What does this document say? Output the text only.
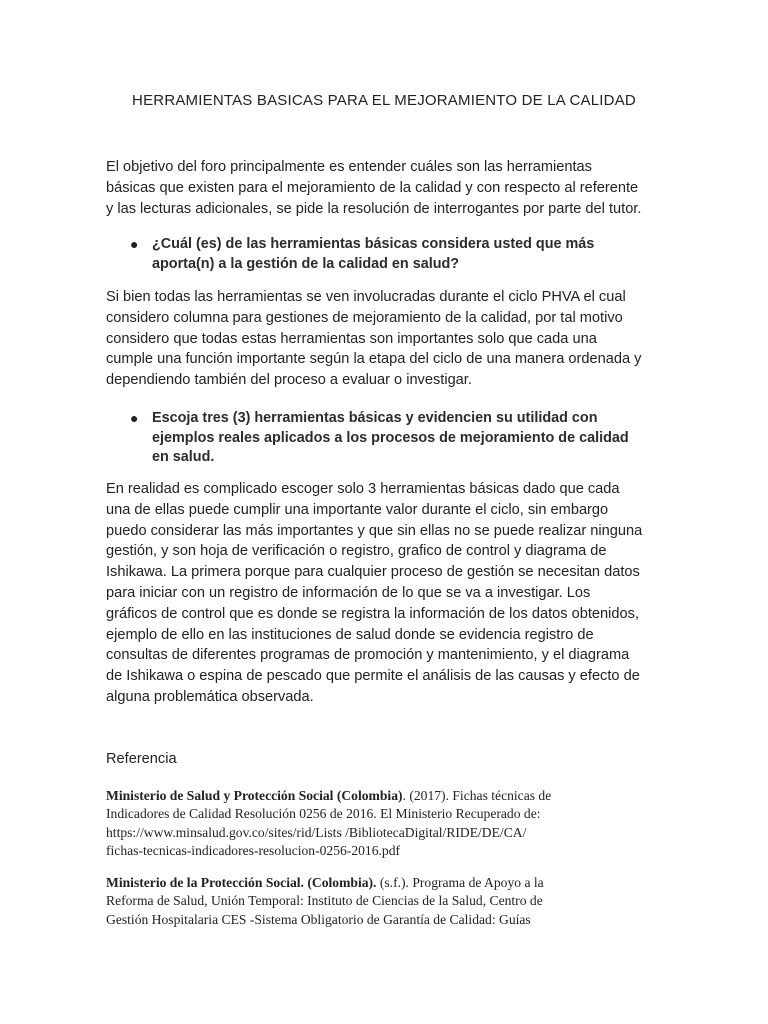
HERRAMIENTAS BASICAS PARA EL MEJORAMIENTO DE LA CALIDAD
El objetivo del foro principalmente es entender cuáles son las herramientas
básicas que existen para el mejoramiento de la calidad y con respecto al referente
y las lecturas adicionales, se pide la resolución de interrogantes por parte del tutor.
● ¿Cuál (es) de las herramientas básicas considera usted que más
aporta(n) a la gestión de la calidad en salud?
Si bien todas las herramientas se ven involucradas durante el ciclo PHVA el cual
considero columna para gestiones de mejoramiento de la calidad, por tal motivo
considero que todas estas herramientas son importantes solo que cada una
cumple una función importante según la etapa del ciclo de una manera ordenada y
dependiendo también del proceso a evaluar o investigar.
● Escoja tres (3) herramientas básicas y evidencien su utilidad con
ejemplos reales aplicados a los procesos de mejoramiento de calidad
en salud.
En realidad es complicado escoger solo 3 herramientas básicas dado que cada
una de ellas puede cumplir una importante valor durante el ciclo, sin embargo
puedo considerar las más importantes y que sin ellas no se puede realizar ninguna
gestión, y son hoja de verificación o registro, grafico de control y diagrama de
Ishikawa. La primera porque para cualquier proceso de gestión se necesitan datos
para iniciar con un registro de información de lo que se va a investigar. Los
gráficos de control que es donde se registra la información de los datos obtenidos,
ejemplo de ello en las instituciones de salud donde se evidencia registro de
consultas de diferentes programas de promoción y mantenimiento, y el diagrama
de Ishikawa o espina de pescado que permite el análisis de las causas y efecto de
alguna problemática observada.
Referencia
Ministerio de Salud y Protección Social (Colombia). (2017). Fichas técnicas de
Indicadores de Calidad Resolución 0256 de 2016. El Ministerio Recuperado de:
https://www.minsalud.gov.co/sites/rid/Lists /BibliotecaDigital/RIDE/DE/CA/
fichas-tecnicas-indicadores-resolucion-0256-2016.pdf
Ministerio de la Protección Social. (Colombia). (s.f.). Programa de Apoyo a la
Reforma de Salud, Unión Temporal: Instituto de Ciencias de la Salud, Centro de
Gestión Hospitalaria CES -Sistema Obligatorio de Garantía de Calidad: Guías
